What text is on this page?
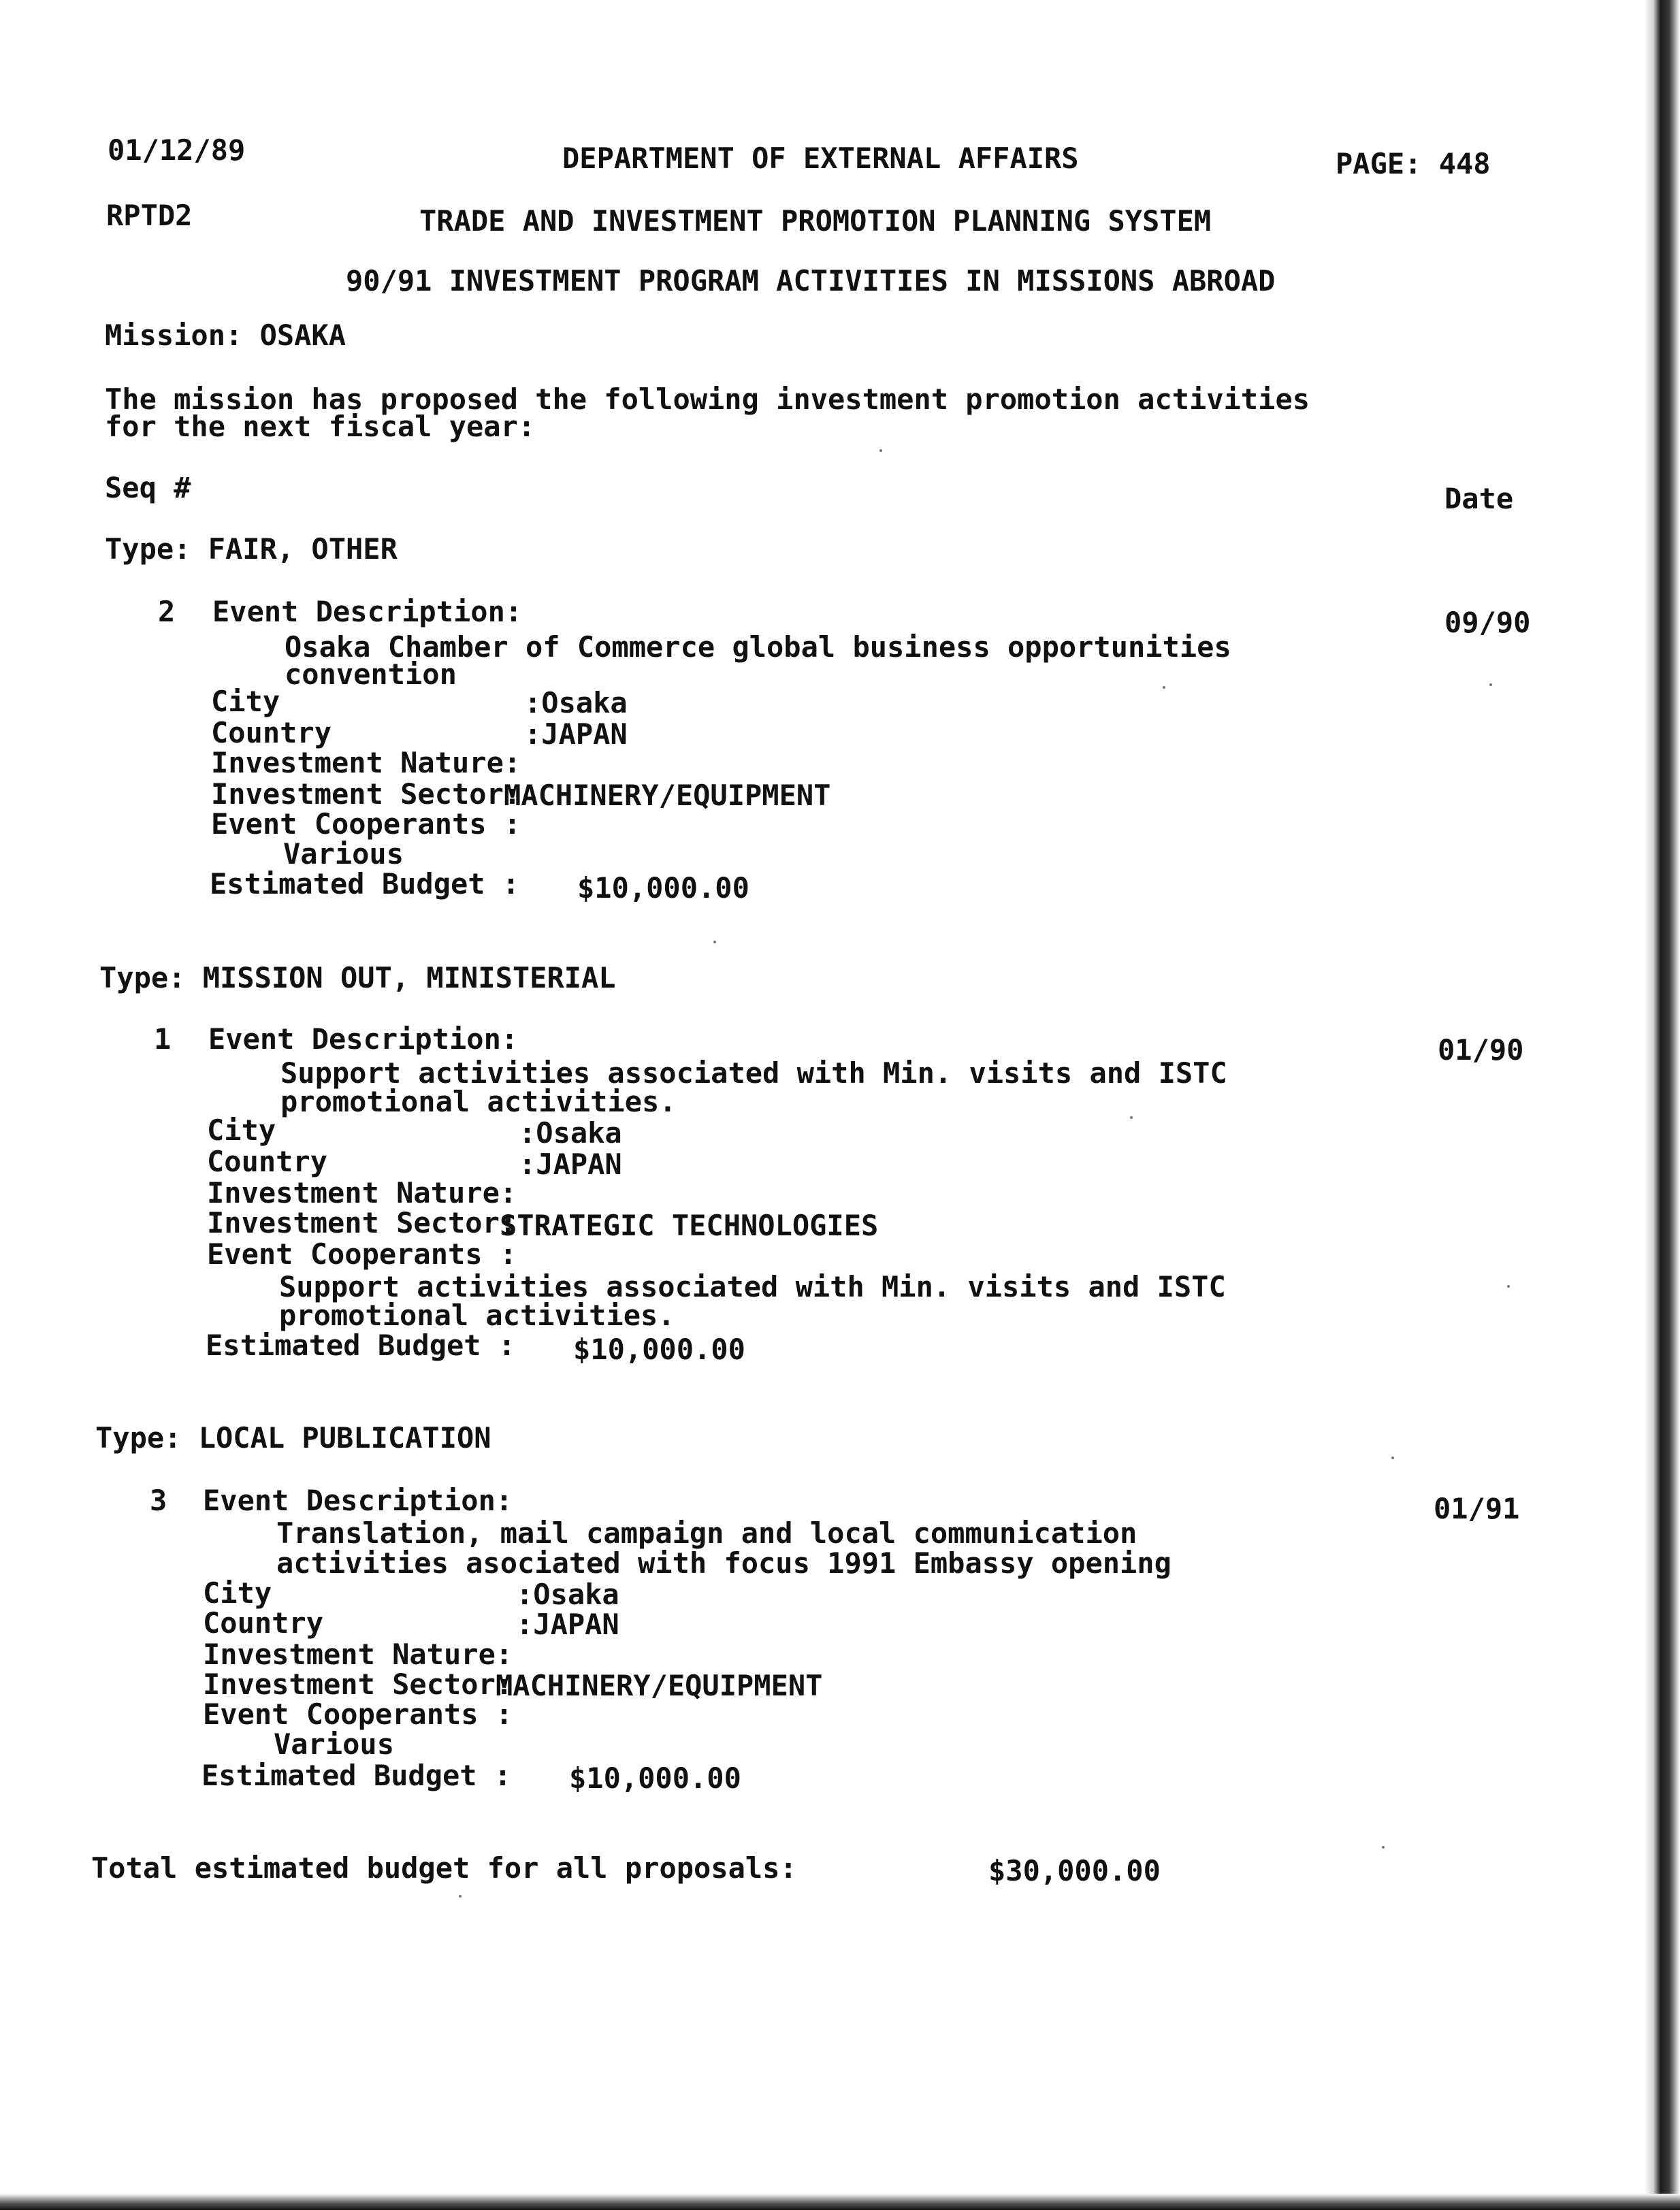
01/12/89	DEPARTMENT OF EXTERNAL AFFAIRS	PAGE: 448
RPTD2	TRADE AND INVESTMENT PROMOTION PLANNING SYSTEM
90/91 INVESTMENT PROGRAM ACTIVITIES IN MISSIONS ABROAD
Mission: OSAKA
The mission has proposed the following investment promotion activities
for the next fiscal year:
Seq #	Date
Type: FAIR, OTHER
2 Event Description:	09/90
Osaka Chamber of Commerce global business opportunities
convention
City	:Osaka
Country	:JAPAN
Investment Nature:
Investment Sector:
MACHINERY/EQUIPMENT
Event Cooperants :
Various
Estimated Budget : $10,000.00
Type: MISSION OUT, MINISTERIAL
1 Event Description:	01/90
Support activities associated with Min. visits and ISTC
promotional activities.
City	:Osaka
Country	:JAPAN
Investment Nature:
Investment Sector:
STRATEGIC TECHNOLOGIES
Event Cooperants :
Support activities associated with Min. visits and ISTC
promotional activities.
Estimated Budget : $10,000.00
Type: LOCAL PUBLICATION
3 Event Description:	01/91
Translation, mail campaign and local communication
activities asociated with focus 1991 Embassy opening
City	:Osaka
Country	:JAPAN
Investment Nature:
Investment Sector:
MACHINERY/EQUIPMENT
Event Cooperants :
Various
Estimated Budget : $10,000.00
Total estimated budget for all proposals:	$30,000.00
